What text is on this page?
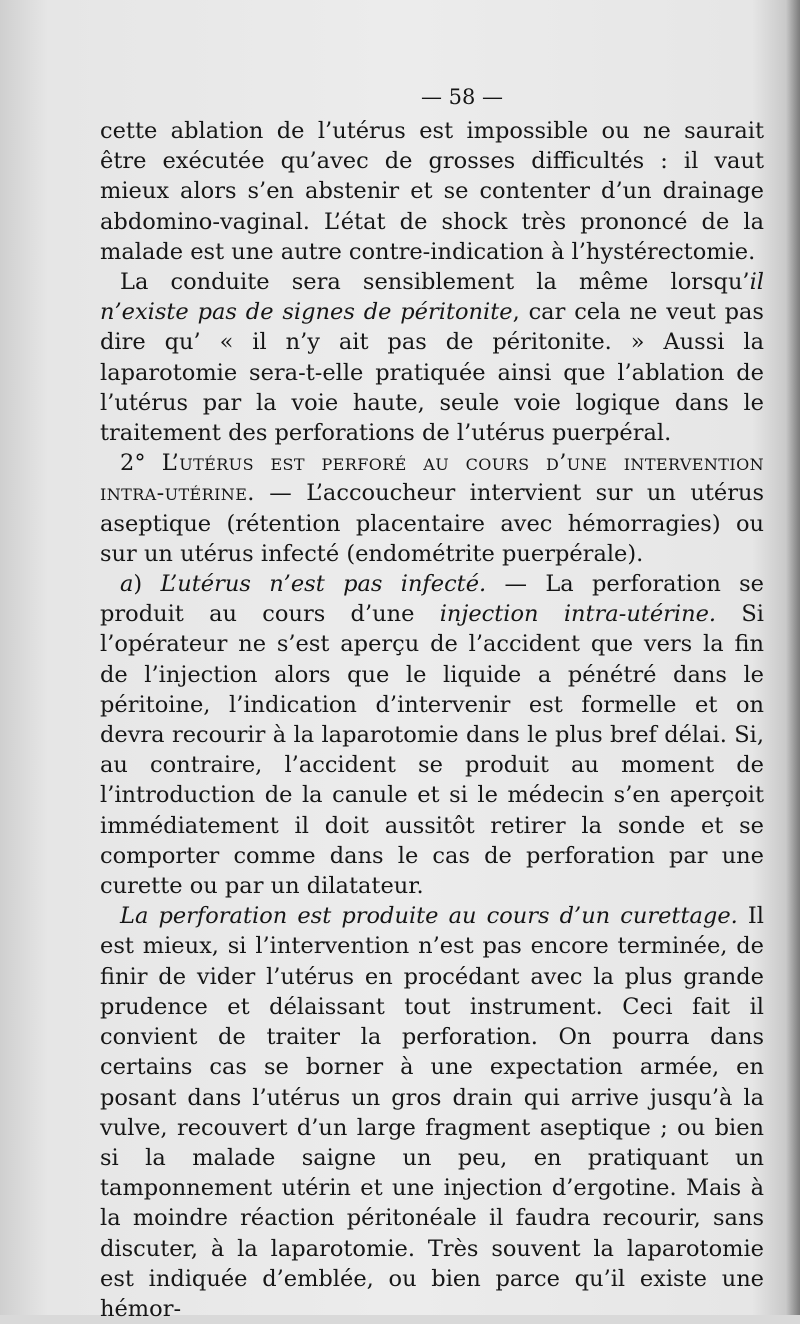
— 58 —

cette ablation de l’utérus est impossible ou ne saurait être exécutée qu’avec de grosses difficultés : il vaut mieux alors s’en abstenir et se contenter d’un drainage abdomino-vaginal. L’état de shock très prononcé de la malade est une autre contre-indication à l’hystérectomie.

La conduite sera sensiblement la même lorsqu’il n’existe pas de signes de péritonite, car cela ne veut pas dire qu’ « il n’y ait pas de péritonite. » Aussi la laparotomie sera-t-elle pratiquée ainsi que l’ablation de l’utérus par la voie haute, seule voie logique dans le traitement des perforations de l’utérus puerpéral.

2° L’utérus est perforé au cours d’une intervention intra-utérine. — L’accoucheur intervient sur un utérus aseptique (rétention placentaire avec hémorragies) ou sur un utérus infecté (endométrite puerpérale).

a) L’utérus n’est pas infecté. — La perforation se produit au cours d’une injection intra-utérine. Si l’opérateur ne s’est aperçu de l’accident que vers la fin de l’injection alors que le liquide a pénétré dans le péritoine, l’indication d’intervenir est formelle et on devra recourir à la laparotomie dans le plus bref délai. Si, au contraire, l’accident se produit au moment de l’introduction de la canule et si le médecin s’en aperçoit immédiatement il doit aussitôt retirer la sonde et se comporter comme dans le cas de perforation par une curette ou par un dilatateur.

La perforation est produite au cours d’un curettage. Il est mieux, si l’intervention n’est pas encore terminée, de finir de vider l’utérus en procédant avec la plus grande prudence et délaissant tout instrument. Ceci fait il convient de traiter la perforation. On pourra dans certains cas se borner à une expectation armée, en posant dans l’utérus un gros drain qui arrive jusqu’à la vulve, recouvert d’un large fragment aseptique ; ou bien si la malade saigne un peu, en pratiquant un tamponnement utérin et une injection d’ergotine. Mais à la moindre réaction péritonéale il faudra recourir, sans discuter, à la laparotomie. Très souvent la laparotomie est indiquée d’emblée, ou bien parce qu’il existe une hémor-
